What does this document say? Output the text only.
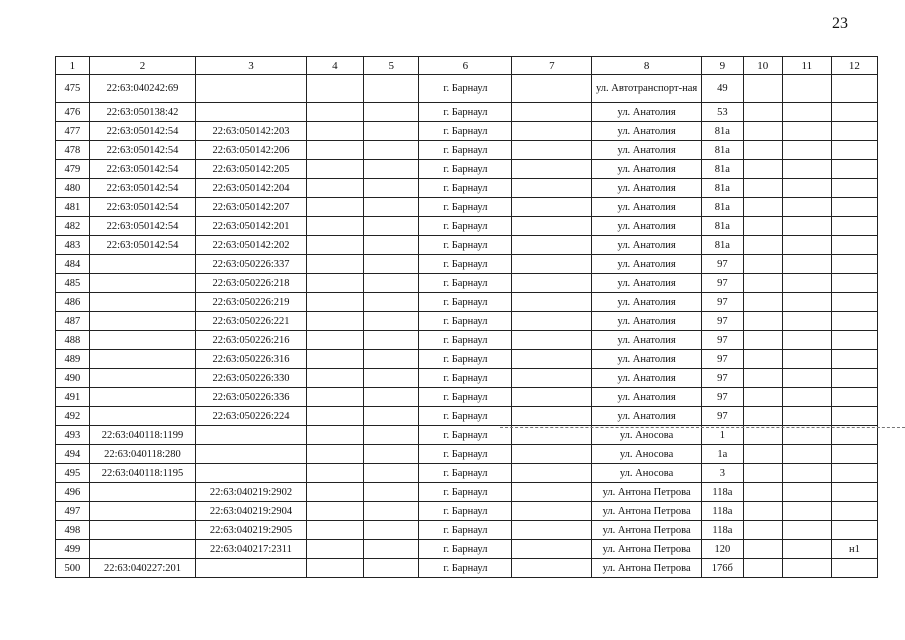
23
1	2	3	4	5	6	7	8	9	10	11	12
475	22:63:040242:69				г. Барнаул		ул. Автотранспорт-ная	49			
476	22:63:050138:42				г. Барнаул		ул. Анатолия	53			
477	22:63:050142:54	22:63:050142:203			г. Барнаул		ул. Анатолия	81а			
478	22:63:050142:54	22:63:050142:206			г. Барнаул		ул. Анатолия	81а			
479	22:63:050142:54	22:63:050142:205			г. Барнаул		ул. Анатолия	81а			
480	22:63:050142:54	22:63:050142:204			г. Барнаул		ул. Анатолия	81а			
481	22:63:050142:54	22:63:050142:207			г. Барнаул		ул. Анатолия	81а			
482	22:63:050142:54	22:63:050142:201			г. Барнаул		ул. Анатолия	81а			
483	22:63:050142:54	22:63:050142:202			г. Барнаул		ул. Анатолия	81а			
484		22:63:050226:337			г. Барнаул		ул. Анатолия	97			
485		22:63:050226:218			г. Барнаул		ул. Анатолия	97			
486		22:63:050226:219			г. Барнаул		ул. Анатолия	97			
487		22:63:050226:221			г. Барнаул		ул. Анатолия	97			
488		22:63:050226:216			г. Барнаул		ул. Анатолия	97			
489		22:63:050226:316			г. Барнаул		ул. Анатолия	97			
490		22:63:050226:330			г. Барнаул		ул. Анатолия	97			
491		22:63:050226:336			г. Барнаул		ул. Анатолия	97			
492		22:63:050226:224			г. Барнаул		ул. Анатолия	97			
493	22:63:040118:1199				г. Барнаул		ул. Аносова	1			
494	22:63:040118:280				г. Барнаул		ул. Аносова	1а			
495	22:63:040118:1195				г. Барнаул		ул. Аносова	3			
496		22:63:040219:2902			г. Барнаул		ул. Антона Петрова	118а			
497		22:63:040219:2904			г. Барнаул		ул. Антона Петрова	118а			
498		22:63:040219:2905			г. Барнаул		ул. Антона Петрова	118а			
499		22:63:040217:2311			г. Барнаул		ул. Антона Петрова	120			н1
500	22:63:040227:201				г. Барнаул		ул. Антона Петрова	176б			
